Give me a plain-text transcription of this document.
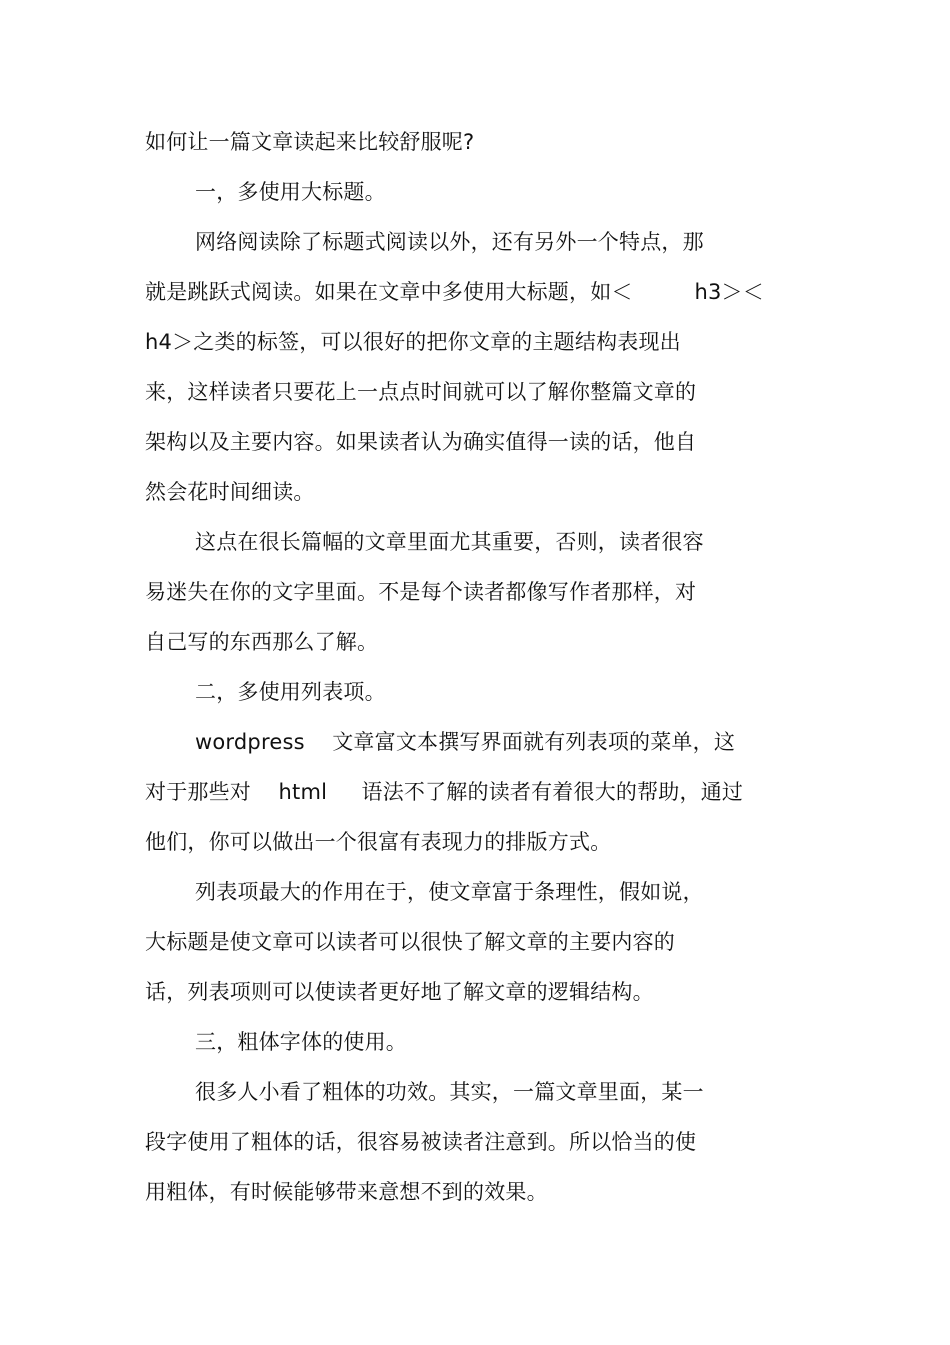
如何让一篇文章读起来比较舒服呢?
一，多使用大标题。
网络阅读除了标题式阅读以外，还有另外一个特点，那
就是跳跃式阅读。如果在文章中多使用大标题，如＜         h3＞＜
h4＞之类的标签，可以很好的把你文章的主题结构表现出
来，这样读者只要花上一点点时间就可以了解你整篇文章的
架构以及主要内容。如果读者认为确实值得一读的话，他自
然会花时间细读。
这点在很长篇幅的文章里面尤其重要，否则，读者很容
易迷失在你的文字里面。不是每个读者都像写作者那样，对
自己写的东西那么了解。
二，多使用列表项。
wordpress    文章富文本撰写界面就有列表项的菜单，这
对于那些对    html     语法不了解的读者有着很大的帮助，通过
他们，你可以做出一个很富有表现力的排版方式。
列表项最大的作用在于，使文章富于条理性，假如说，
大标题是使文章可以读者可以很快了解文章的主要内容的
话，列表项则可以使读者更好地了解文章的逻辑结构。
三，粗体字体的使用。
很多人小看了粗体的功效。其实，一篇文章里面，某一
段字使用了粗体的话，很容易被读者注意到。所以恰当的使
用粗体，有时候能够带来意想不到的效果。
